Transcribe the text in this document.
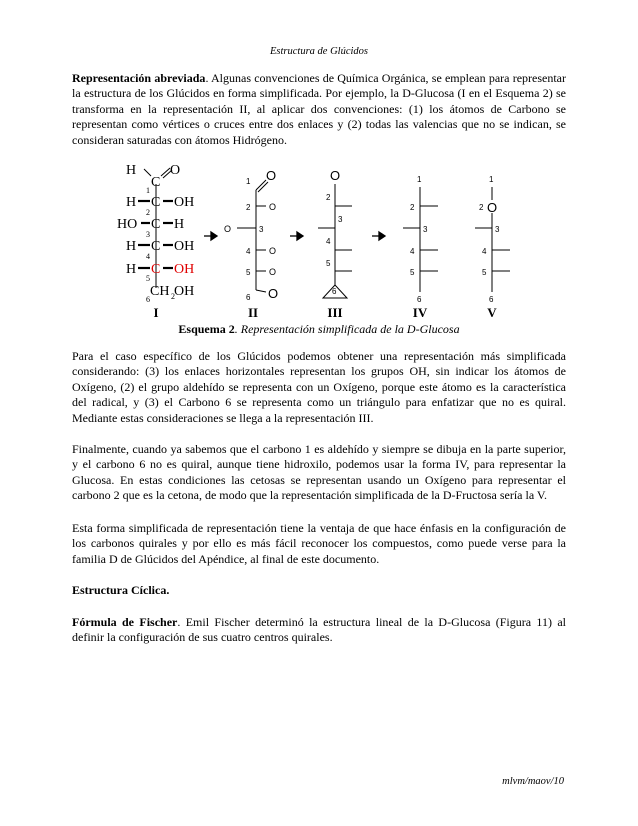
Estructura de Glúcidos

Representación abreviada. Algunas convenciones de Química Orgánica, se emplean para representar la estructura de los Glúcidos en forma simplificada. Por ejemplo, la D-Glucosa (I en el Esquema 2) se transforma en la representación II, al aplicar dos convenciones: (1) los átomos de Carbono se representan como vértices o cruces entre dos enlaces y (2) todas las valencias que no se indican, se consideran saturadas con átomos Hidrógeno.

H
C
O
H C OH
HO C H
H C OH
H C OH
CH OH
2
1
2
3
4
5
6
O
O
O
O
O
O
1
2
3
4
5
6
O
2
3
4
5
6
1
2
3
4
5
6
O
1
2
3
4
5
6
I	II	III	IV	V
Esquema 2. Representación simplificada de la D-Glucosa

Para el caso específico de los Glúcidos podemos obtener una representación más simplificada considerando: (3) los enlaces horizontales representan los grupos OH, sin indicar los átomos de Oxígeno, (2) el grupo aldehído se representa con un Oxígeno, porque este átomo es la característica del radical, y (3) el Carbono 6 se representa como un triángulo para enfatizar que no es quiral. Mediante estas consideraciones se llega a la representación III.

Finalmente, cuando ya sabemos que el carbono 1 es aldehído y siempre se dibuja en la parte superior, y el carbono 6 no es quiral, aunque tiene hidroxilo, podemos usar la forma IV, para representar la Glucosa. En estas condiciones las cetosas se representan usando un Oxígeno para representar el carbono 2 que es la cetona, de modo que la representación simplificada de la D-Fructosa sería la V.

Esta forma simplificada de representación tiene la ventaja de que hace énfasis en la configuración de los carbonos quirales y por ello es más fácil reconocer los compuestos, como puede verse para la familia D de Glúcidos del Apéndice, al final de este documento.

Estructura Cíclica.

Fórmula de Fischer. Emil Fischer determinó la estructura lineal de la D-Glucosa (Figura 11) al definir la configuración de sus cuatro centros quirales.

mlvm/maov/10
